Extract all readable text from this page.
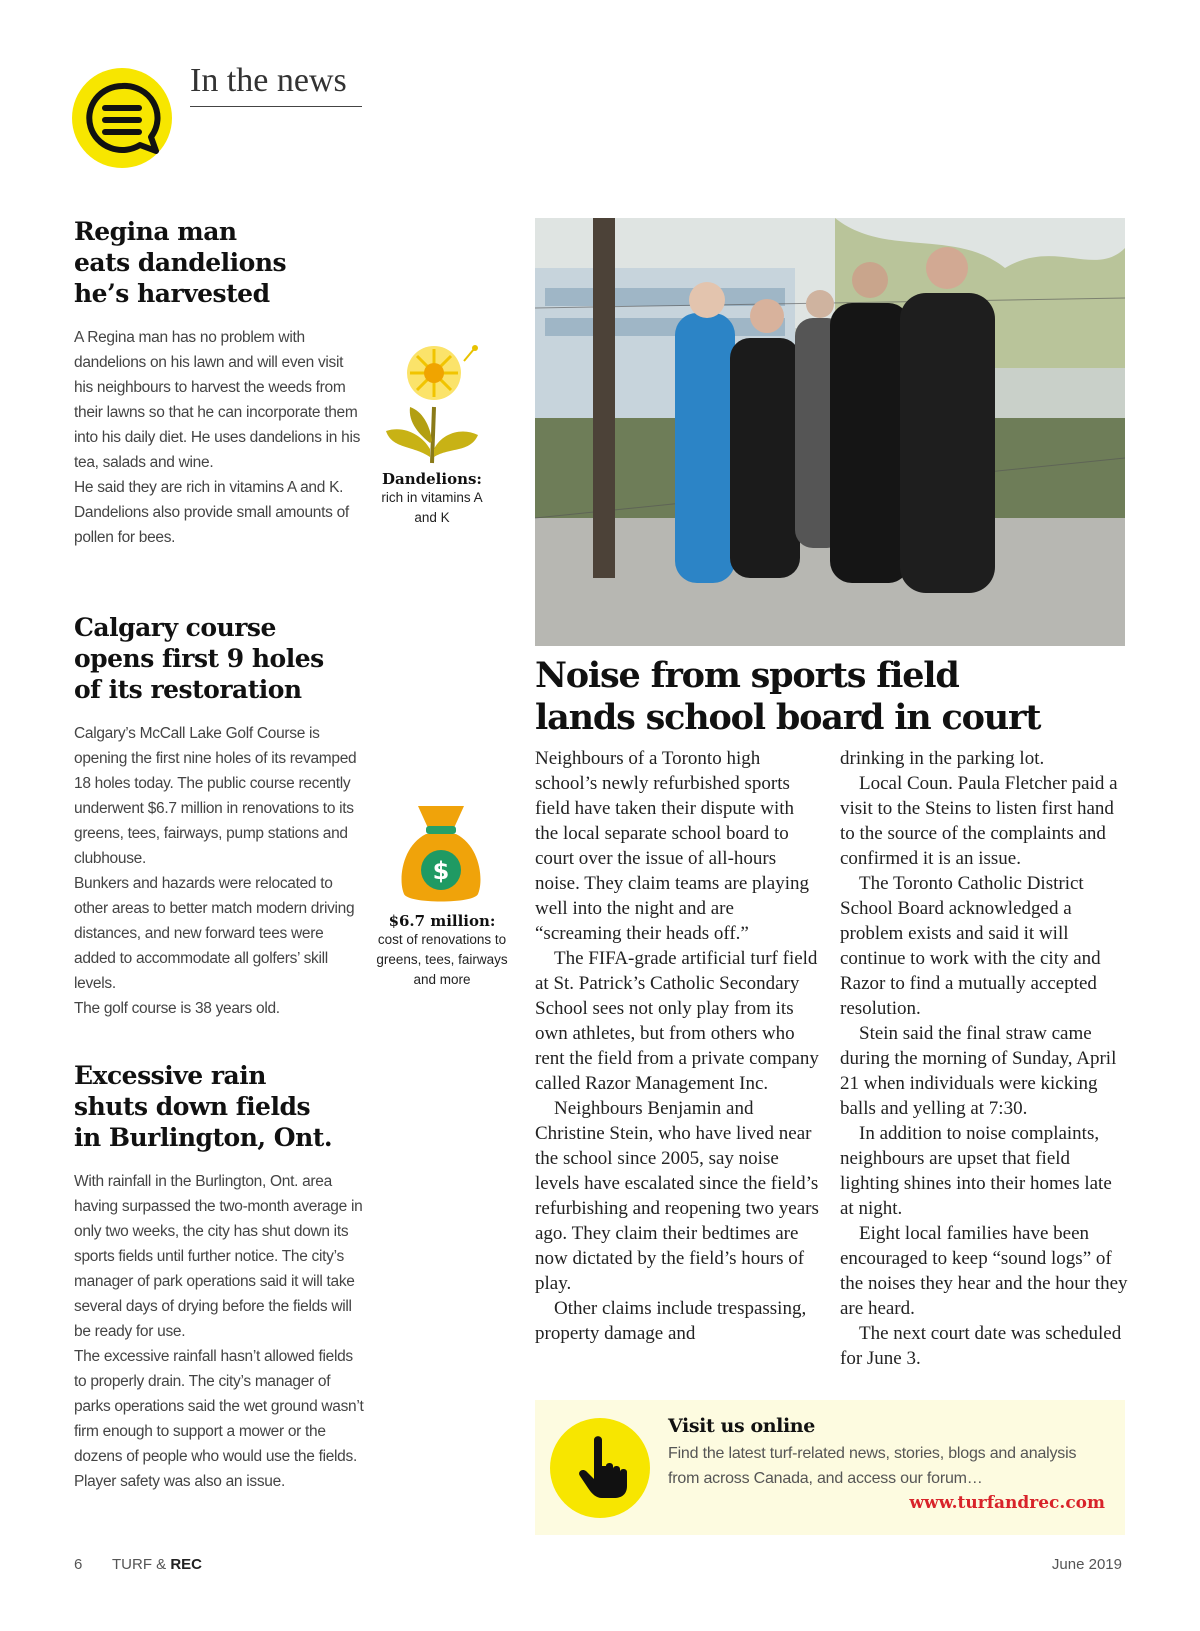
In the news
Regina man
eats dandelions
he’s harvested

A Regina man has no problem with dandelions on his lawn and will even visit his neighbours to harvest the weeds from their lawns so that he can incorporate them into his daily diet. He uses dandelions in his tea, salads and wine.

He said they are rich in vitamins A and K.

Dandelions also provide small amounts of pollen for bees.

Calgary course
opens first 9 holes
of its restoration

Calgary’s McCall Lake Golf Course is opening the first nine holes of its revamped 18 holes today. The public course recently underwent $6.7 million in renovations to its greens, tees, fairways, pump stations and clubhouse.

Bunkers and hazards were relocated to other areas to better match modern driving distances, and new forward tees were added to accommodate all golfers’ skill levels.

The golf course is 38 years old.

Excessive rain
shuts down fields
in Burlington, Ont.

With rainfall in the Burlington, Ont. area having surpassed the two-month average in only two weeks, the city has shut down its sports fields until further notice. The city’s manager of park operations said it will take several days of drying before the fields will be ready for use.

The excessive rainfall hasn’t allowed fields to properly drain. The city’s manager of parks operations said the wet ground wasn’t firm enough to support a mower or the dozens of people who would use the fields. Player safety was also an issue.

Dandelions:
rich in vitamins A and K
$
$6.7 million:
cost of renovations to greens, tees, fairways and more
Noise from sports field
lands school board in court

Neighbours of a Toronto high school’s newly refurbished sports field have taken their dispute with the local separate school board to court over the issue of all-hours noise. They claim teams are playing well into the night and are “screaming their heads off.”

The FIFA-grade artificial turf field at St. Patrick’s Catholic Secondary School sees not only play from its own athletes, but from others who rent the field from a private company called Razor Management Inc.

Neighbours Benjamin and Christine Stein, who have lived near the school since 2005, say noise levels have escalated since the field’s refurbishing and reopening two years ago. They claim their bedtimes are now dictated by the field’s hours of play.

Other claims include trespassing, property damage and

drinking in the parking lot.

Local Coun. Paula Fletcher paid a visit to the Steins to listen first hand to the source of the complaints and confirmed it is an issue.

The Toronto Catholic District School Board acknowledged a problem exists and said it will continue to work with the city and Razor to find a mutually accepted resolution.

Stein said the final straw came during the morning of Sunday, April 21 when individuals were kicking balls and yelling at 7:30.

In addition to noise complaints, neighbours are upset that field lighting shines into their homes late at night.

Eight local families have been encouraged to keep “sound logs” of the noises they hear and the hour they are heard.

The next court date was scheduled for June 3.

Visit us online
Find the latest turf-related news, stories, blogs and analysis from across Canada, and access our forum…
www.turfandrec.com
6 TURF & REC	June 2019
